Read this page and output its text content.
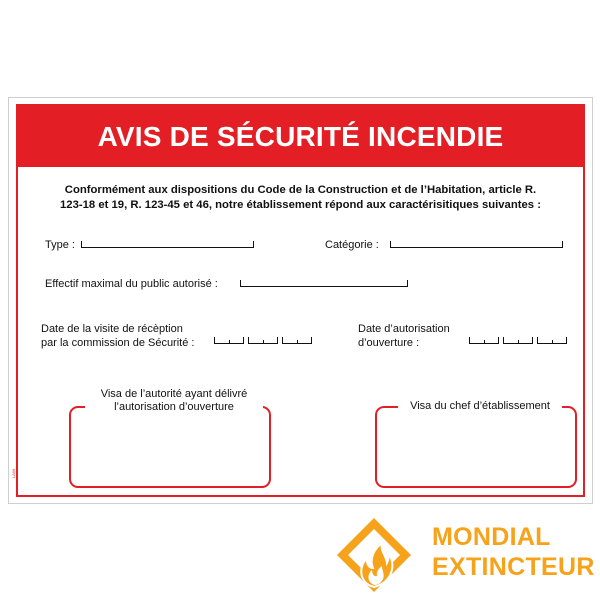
AVIS DE SÉCURITÉ INCENDIE
Conformément aux dispositions du Code de la Construction et de l’Habitation, article R.
123-18 et 19, R. 123-45 et 46, notre établissement répond aux caractérisitiques suivantes :
Type :	Catégorie :
Effectif maximal du public autorisé :
Date de la visite de récèption
par la commission de Sécurité :
Date d’autorisation
d’ouverture :
Visa de l’autorité ayant délivré
l’autorisation d’ouverture	Visa du chef d’établissement
LA56
MONDIAL
EXTINCTEUR
